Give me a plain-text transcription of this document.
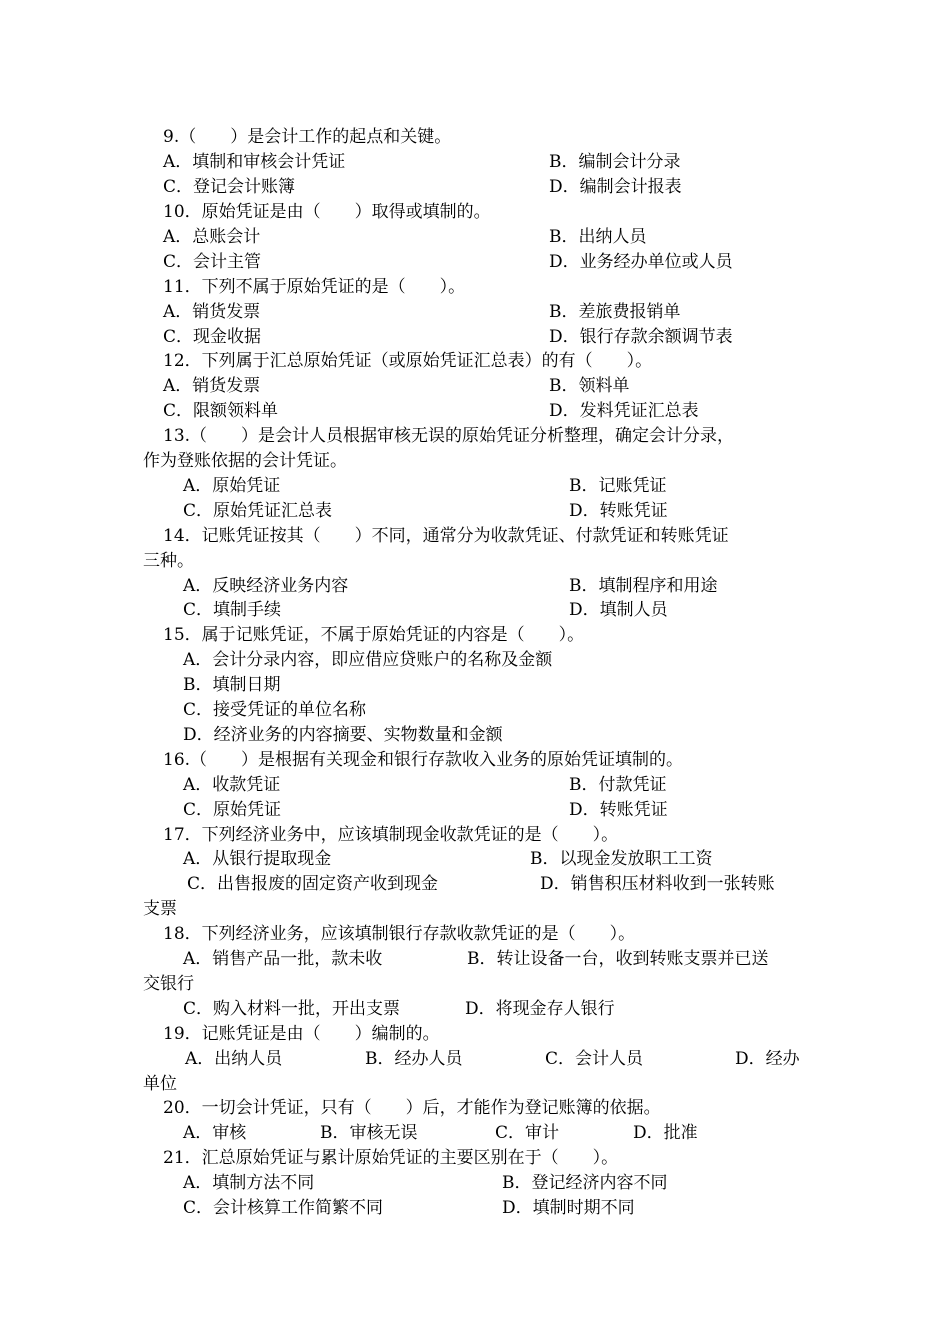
9.（　　）是会计工作的起点和关键。
A．填制和审核会计凭证	B．编制会计分录
C．登记会计账簿	D．编制会计报表
10．原始凭证是由（　　）取得或填制的。
A．总账会计	B．出纳人员
C．会计主管	D．业务经办单位或人员
11．下列不属于原始凭证的是（　　）。
A．销货发票	B．差旅费报销单
C．现金收据	D．银行存款余额调节表
12．下列属于汇总原始凭证（或原始凭证汇总表）的有（　　）。
A．销货发票	B．领料单
C．限额领料单	D．发料凭证汇总表
13.（　　）是会计人员根据审核无误的原始凭证分析整理，确定会计分录，
作为登账依据的会计凭证。
A．原始凭证	B．记账凭证
C．原始凭证汇总表	D．转账凭证
14．记账凭证按其（　　）不同，通常分为收款凭证、付款凭证和转账凭证
三种。
A．反映经济业务内容	B．填制程序和用途
C．填制手续	D．填制人员
15．属于记账凭证，不属于原始凭证的内容是（　　）。
A．会计分录内容，即应借应贷账户的名称及金额
B．填制日期
C．接受凭证的单位名称
D．经济业务的内容摘要、实物数量和金额
16.（　　）是根据有关现金和银行存款收入业务的原始凭证填制的。
A．收款凭证	B．付款凭证
C．原始凭证	D．转账凭证
17．下列经济业务中，应该填制现金收款凭证的是（　　）。
A．从银行提取现金	B．以现金发放职工工资
C．出售报废的固定资产收到现金	D．销售积压材料收到一张转账
支票
18．下列经济业务，应该填制银行存款收款凭证的是（　　）。
A．销售产品一批，款未收	B．转让设备一台，收到转账支票并已送
交银行
C．购入材料一批，开出支票	D．将现金存人银行
19．记账凭证是由（　　）编制的。
A．出纳人员	B．经办人员	C．会计人员	D．经办
单位
20．一切会计凭证，只有（　　）后，才能作为登记账簿的依据。
A．审核	B．审核无误	C．审计	D．批准
21．汇总原始凭证与累计原始凭证的主要区别在于（　　）。
A．填制方法不同	B．登记经济内容不同
C．会计核算工作简繁不同	D．填制时期不同
